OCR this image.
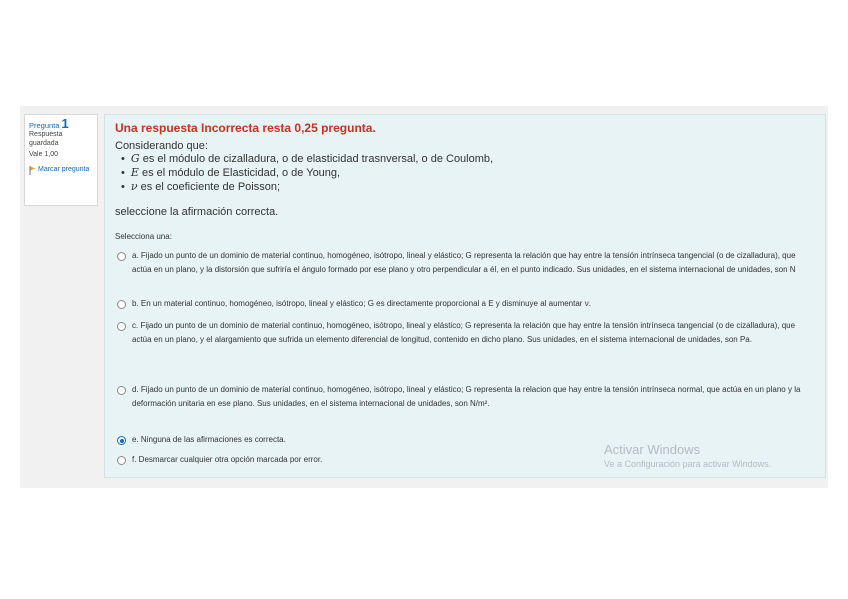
Pregunta 1
Respuesta guardada
Vale 1,00
Marcar pregunta
Una respuesta Incorrecta resta 0,25 pregunta.

Considerando que:

• G es el módulo de cizalladura, o de elasticidad trasnversal, o de Coulomb,
• E es el módulo de Elasticidad, o de Young,
• ν es el coeficiente de Poisson;

seleccione la afirmación correcta.

Selecciona una:
a. Fijado un punto de un dominio de material continuo, homogéneo, isótropo, lineal y elástico; G representa la relación que hay entre la tensión intrínseca tangencial (o de cizalladura), que actúa en un plano, y la distorsión que sufriría el ángulo formado por ese plano y otro perpendicular a él, en el punto indicado. Sus unidades, en el sistema internacional de unidades, son N
b. En un material continuo, homogéneo, isótropo, lineal y elástico; G es directamente proporcional a E y disminuye al aumentar ν.
c. Fijado un punto de un dominio de material continuo, homogéneo, isótropo, lineal y elástico; G representa la relación que hay entre la tensión intrínseca tangencial (o de cizalladura), que actúa en un plano, y el alargamiento que sufrida un elemento diferencial de longitud, contenido en dicho plano. Sus unidades, en el sistema internacional de unidades, son Pa.
d. Fijado un punto de un dominio de material continuo, homogéneo, isótropo, lineal y elástico; G representa la relacion que hay entre la tensión intrínseca normal, que actúa en un plano y la deformación unitaria en ese plano. Sus unidades, en el sistema internacional de unidades, son N/m².
e. Ninguna de las afirmaciones es correcta.
f. Desmarcar cualquier otra opción marcada por error.
Activar Windows
Ve a Configuración para activar Windows.
